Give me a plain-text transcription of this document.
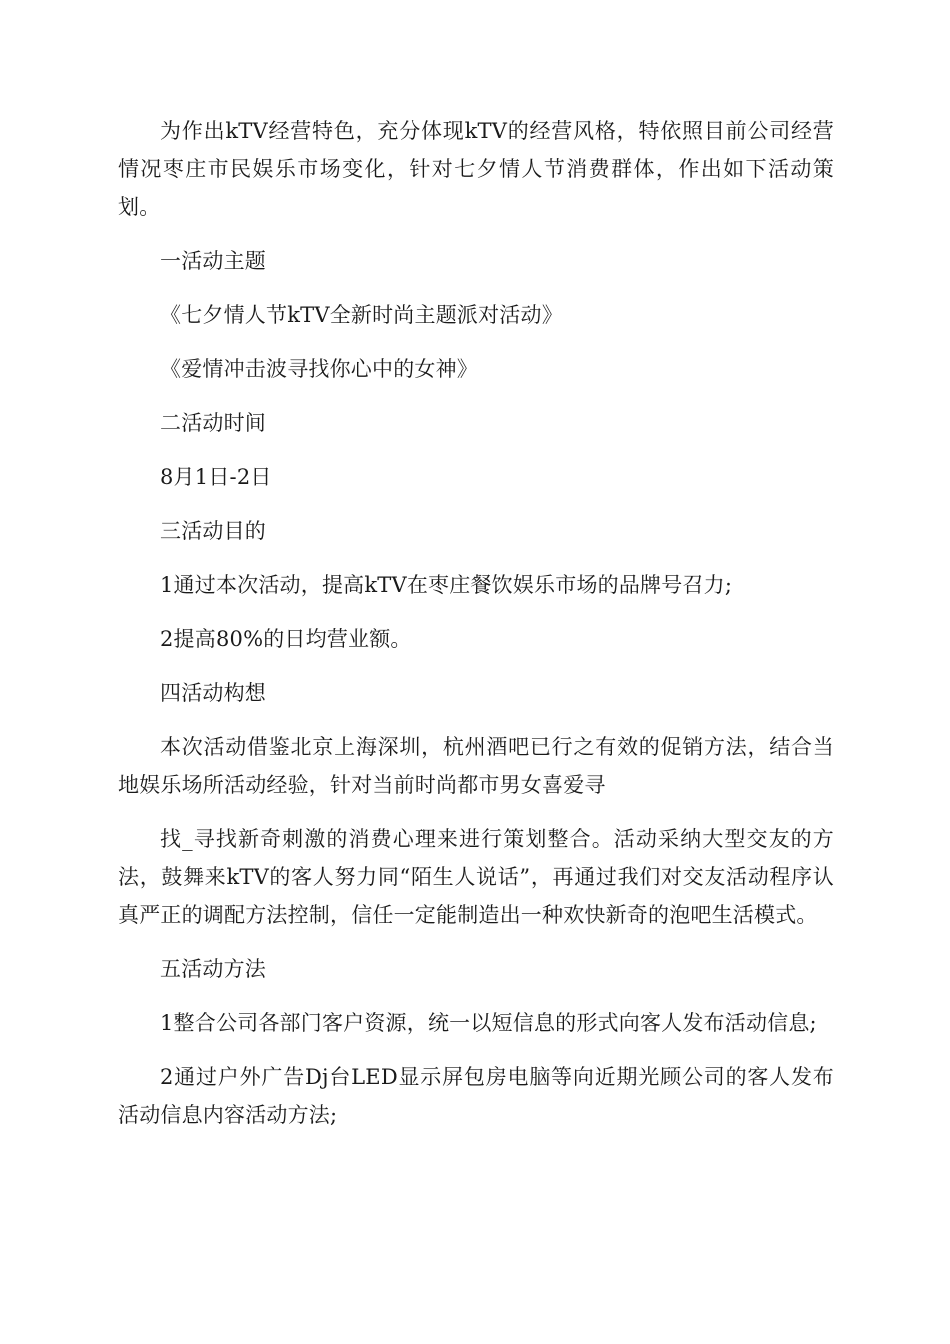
为作出kTV经营特色，充分体现kTV的经营风格，特依照目前公司经营情况枣庄市民娱乐市场变化，针对七夕情人节消费群体，作出如下活动策划。

一活动主题

《七夕情人节kTV全新时尚主题派对活动》

《爱情冲击波寻找你心中的女神》

二活动时间

8月1日-2日

三活动目的

1通过本次活动，提高kTV在枣庄餐饮娱乐市场的品牌号召力;

2提高80%的日均营业额。

四活动构想

本次活动借鉴北京上海深圳，杭州酒吧已行之有效的促销方法，结合当地娱乐场所活动经验，针对当前时尚都市男女喜爱寻

找_寻找新奇刺激的消费心理来进行策划整合。活动采纳大型交友的方法，鼓舞来kTV的客人努力同“陌生人说话”，再通过我们对交友活动程序认真严正的调配方法控制，信任一定能制造出一种欢快新奇的泡吧生活模式。

五活动方法

1整合公司各部门客户资源，统一以短信息的形式向客人发布活动信息;

2通过户外广告Dj台LED显示屏包房电脑等向近期光顾公司的客人发布活动信息内容活动方法;
